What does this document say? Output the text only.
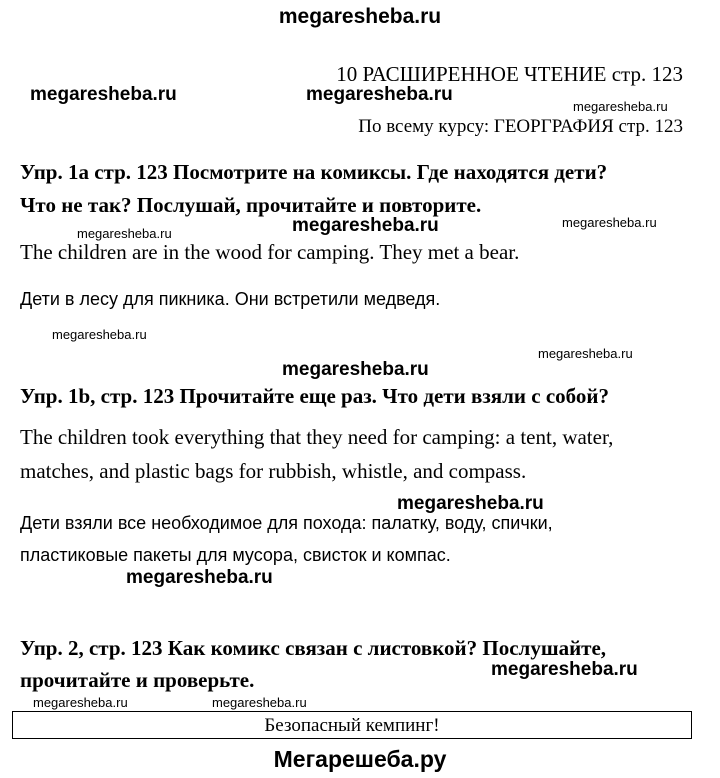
megaresheba.ru
10 РАСШИРЕННОЕ ЧТЕНИЕ стр. 123
megaresheba.ru	megaresheba.ru
megaresheba.ru
По всему курсу: ГЕОРГРАФИЯ стр. 123
Упр. 1a стр. 123 Посмотрите на комиксы. Где находятся дети?
Что не так? Послушай, прочитайте и повторите.
megaresheba.ru	megaresheba.ru	megaresheba.ru
The children are in the wood for camping. They met a bear.
Дети в лесу для пикника. Они встретили медведя.
megaresheba.ru
megaresheba.ru
megaresheba.ru
Упр. 1b, стр. 123 Прочитайте еще раз. Что дети взяли с собой?
The children took everything that they need for camping: a tent, water,
matches, and plastic bags for rubbish, whistle, and compass.
megaresheba.ru
Дети взяли все необходимое для похода: палатку, воду, спички,
пластиковые пакеты для мусора, свисток и компас.
megaresheba.ru
Упр. 2, стр. 123 Как комикс связан с листовкой? Послушайте,
megaresheba.ru
прочитайте и проверьте.
megaresheba.ru	megaresheba.ru
Безопасный кемпинг!
Мегарешеба.ру
